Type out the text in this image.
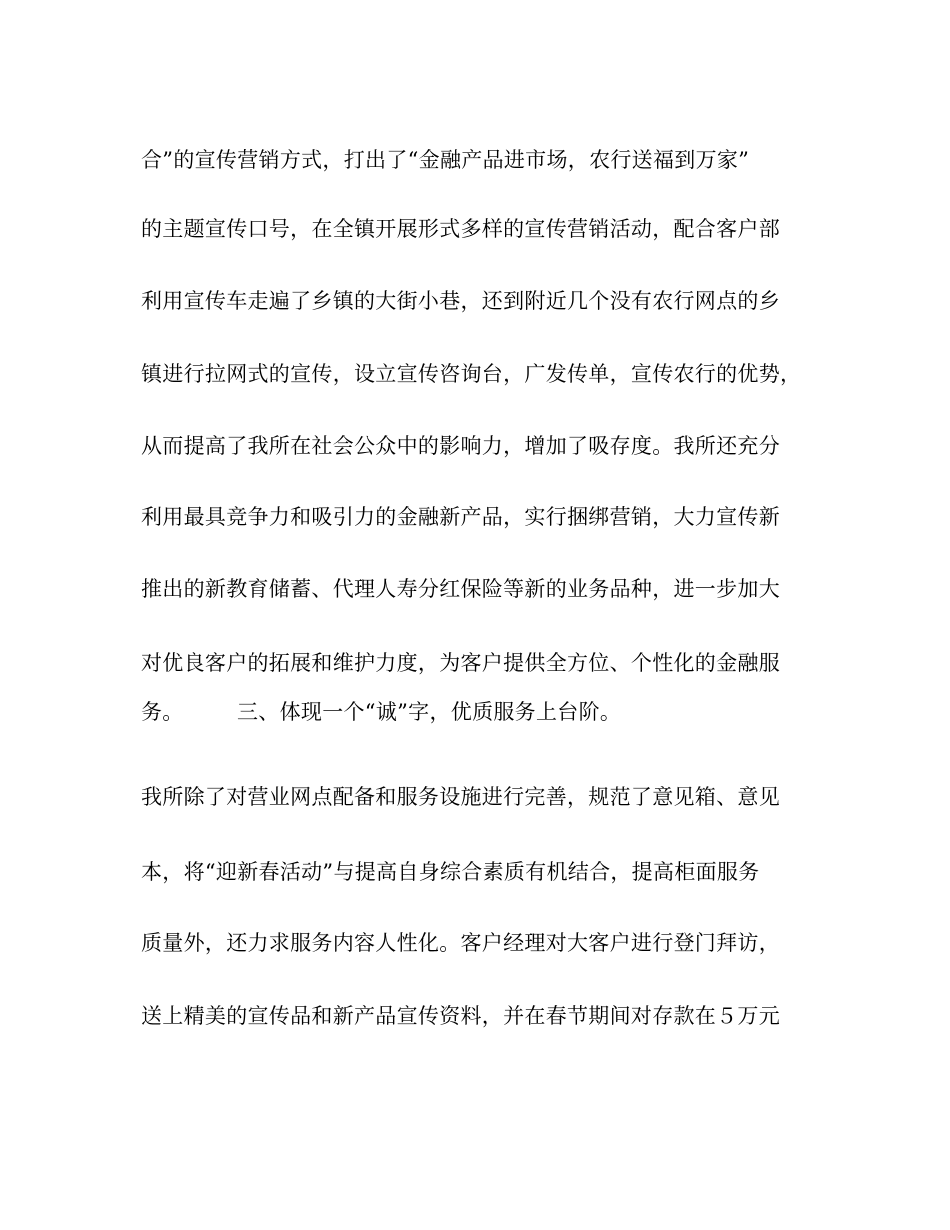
合”的宣传营销方式，打出了“金融产品进市场，农行送福到万家”
的主题宣传口号，在全镇开展形式多样的宣传营销活动，配合客户部
利用宣传车走遍了乡镇的大街小巷，还到附近几个没有农行网点的乡
镇进行拉网式的宣传，设立宣传咨询台，广发传单，宣传农行的优势，
从而提高了我所在社会公众中的影响力，增加了吸存度。我所还充分
利用最具竞争力和吸引力的金融新产品，实行捆绑营销，大力宣传新
推出的新教育储蓄、代理人寿分红保险等新的业务品种，进一步加大
对优良客户的拓展和维护力度，为客户提供全方位、个性化的金融服
务。　　　三、体现一个“诚”字，优质服务上台阶。
我所除了对营业网点配备和服务设施进行完善，规范了意见箱、意见
本，将“迎新春活动”与提高自身综合素质有机结合，提高柜面服务
质量外，还力求服务内容人性化。客户经理对大客户进行登门拜访，
送上精美的宣传品和新产品宣传资料，并在春节期间对存款在５万元
